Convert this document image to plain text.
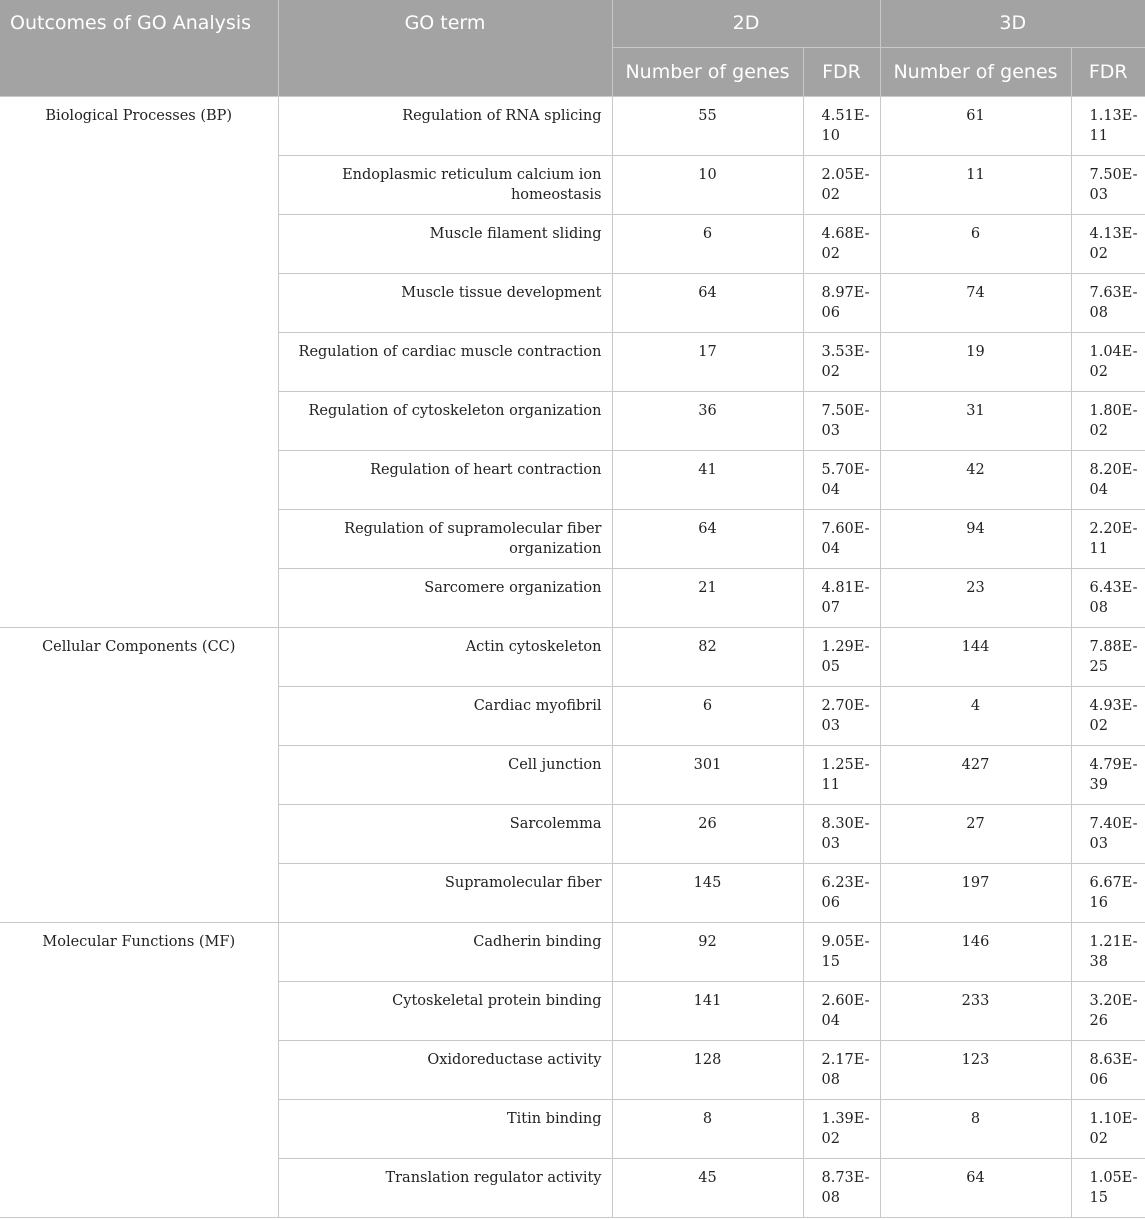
Outcomes of GO Analysis	GO term	2D		3D	
		Number of genes	FDR	Number of genes	FDR
Biological Processes (BP)	Regulation of RNA splicing	55	4.51E-10	61	1.13E-11
	Endoplasmic reticulum calcium ion homeostasis	10	2.05E-02	11	7.50E-03
	Muscle filament sliding	6	4.68E-02	6	4.13E-02
	Muscle tissue development	64	8.97E-06	74	7.63E-08
	Regulation of cardiac muscle contraction	17	3.53E-02	19	1.04E-02
	Regulation of cytoskeleton organization	36	7.50E-03	31	1.80E-02
	Regulation of heart contraction	41	5.70E-04	42	8.20E-04
	Regulation of supramolecular fiber organization	64	7.60E-04	94	2.20E-11
	Sarcomere organization	21	4.81E-07	23	6.43E-08
Cellular Components (CC)	Actin cytoskeleton	82	1.29E-05	144	7.88E-25
	Cardiac myofibril	6	2.70E-03	4	4.93E-02
	Cell junction	301	1.25E-11	427	4.79E-39
	Sarcolemma	26	8.30E-03	27	7.40E-03
	Supramolecular fiber	145	6.23E-06	197	6.67E-16
Molecular Functions (MF)	Cadherin binding	92	9.05E-15	146	1.21E-38
	Cytoskeletal protein binding	141	2.60E-04	233	3.20E-26
	Oxidoreductase activity	128	2.17E-08	123	8.63E-06
	Titin binding	8	1.39E-02	8	1.10E-02
	Translation regulator activity	45	8.73E-08	64	1.05E-15
